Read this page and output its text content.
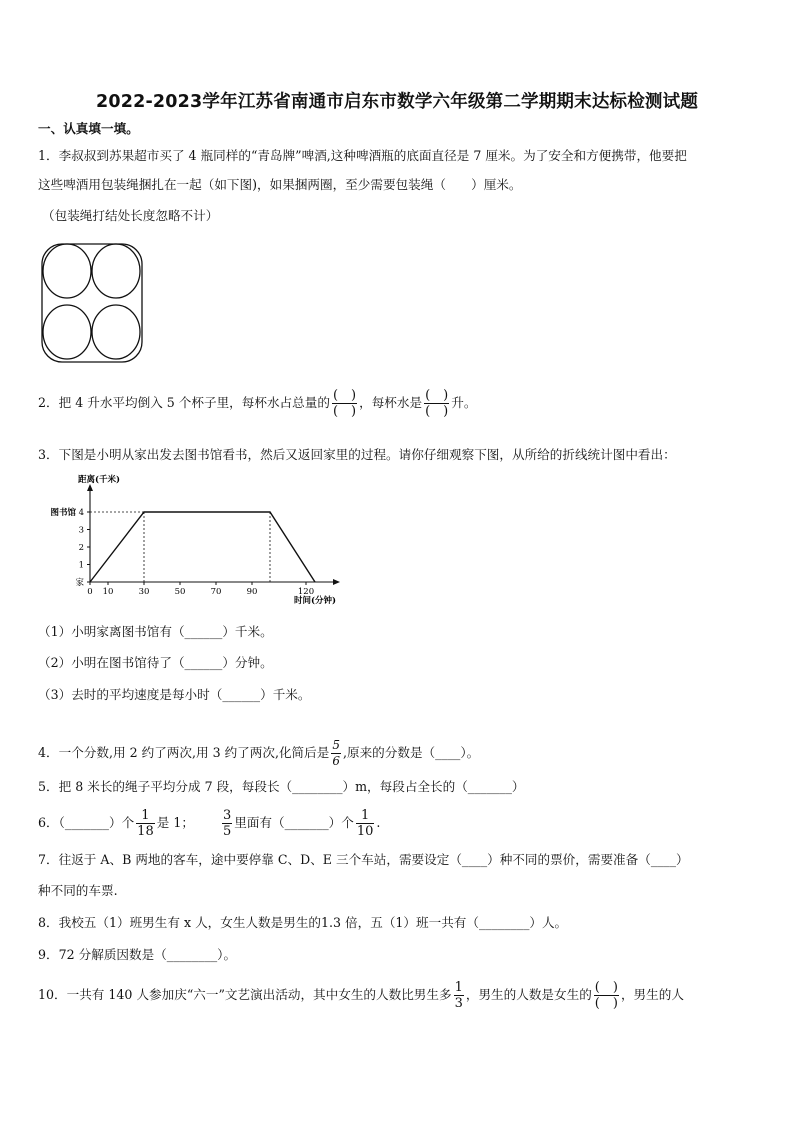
2022-2023学年江苏省南通市启东市数学六年级第二学期期末达标检测试题
一、认真填一填。
1．李叔叔到苏果超市买了 4 瓶同样的“青岛牌”啤酒,这种啤酒瓶的底面直径是 7 厘米。为了安全和方便携带，他要把
这些啤酒用包装绳捆扎在一起（如下图)，如果捆两圈，至少需要包装绳（　　）厘米。
（包装绳打结处长度忽略不计）
2．把 4 升水平均倒入 5 个杯子里，每杯水占总量的 $\frac{( )}{( )}$ ，每杯水是 $\frac{( )}{( )}$ 升。
3．下图是小明从家出发去图书馆看书，然后又返回家里的过程。请你仔细观察下图，从所给的折线统计图中看出：
距离(千米)
时间(分钟)
家
1
2
3
4
图书馆
0 10	30	50	70	90	120
（1）小明家离图书馆有（______）千米。
（2）小明在图书馆待了（______）分钟。
（3）去时的平均速度是每小时（______）千米。
4．一个分数,用 2 约了两次,用 3 约了两次,化简后是 $\frac{5}{6}$ ,原来的分数是（____）。
5．把 8 米长的绳子平均分成 7 段，每段长（________）m，每段占全长的（_______）
6．（_______）个 $\frac{1}{18}$ 是 1； $\frac{3}{5}$ 里面有（_______）个 $\frac{1}{10}$ .
7．往返于 A、B 两地的客车，途中要停靠 C、D、E 三个车站，需要设定（____）种不同的票价，需要准备（____）
种不同的车票.
8．我校五（1）班男生有 x 人，女生人数是男生的1.3 倍，五（1）班一共有（________）人。
9．72 分解质因数是（________）。
10．一共有 140 人参加庆“六一”文艺演出活动，其中女生的人数比男生多 $\frac{1}{3}$ ，男生的人数是女生的 $\frac{( )}{( )}$ ，男生的人
